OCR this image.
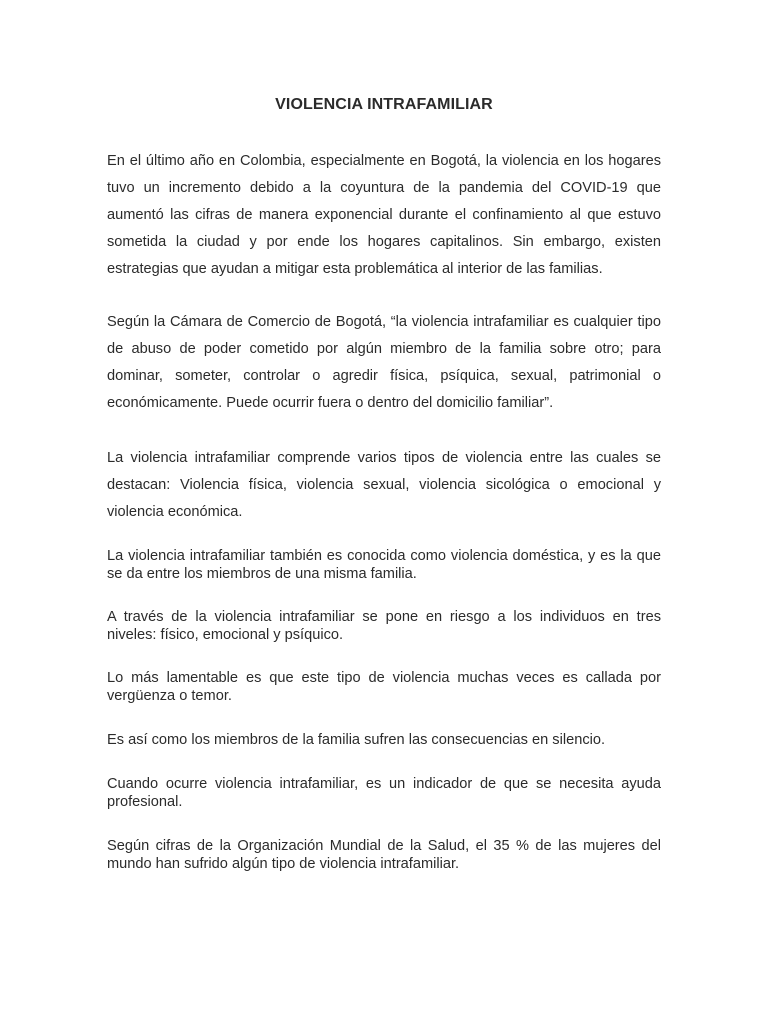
VIOLENCIA INTRAFAMILIAR

En el último año en Colombia, especialmente en Bogotá, la violencia en los hogares tuvo un incremento debido a la coyuntura de la pandemia del COVID-19 que aumentó las cifras de manera exponencial durante el confinamiento al que estuvo sometida la ciudad y por ende los hogares capitalinos. Sin embargo, existen estrategias que ayudan a mitigar esta problemática al interior de las familias.

Según la Cámara de Comercio de Bogotá, “la violencia intrafamiliar es cualquier tipo de abuso de poder cometido por algún miembro de la familia sobre otro; para dominar, someter, controlar o agredir física, psíquica, sexual, patrimonial o económicamente. Puede ocurrir fuera o dentro del domicilio familiar”.

La violencia intrafamiliar comprende varios tipos de violencia entre las cuales se destacan: Violencia física, violencia sexual, violencia sicológica o emocional y violencia económica.

La violencia intrafamiliar también es conocida como violencia doméstica, y es la que se da entre los miembros de una misma familia.

A través de la violencia intrafamiliar se pone en riesgo a los individuos en tres niveles: físico, emocional y psíquico.

Lo más lamentable es que este tipo de violencia muchas veces es callada por vergüenza o temor.

Es así como los miembros de la familia sufren las consecuencias en silencio.

Cuando ocurre violencia intrafamiliar, es un indicador de que se necesita ayuda profesional.

Según cifras de la Organización Mundial de la Salud, el 35 % de las mujeres del mundo han sufrido algún tipo de violencia intrafamiliar.
